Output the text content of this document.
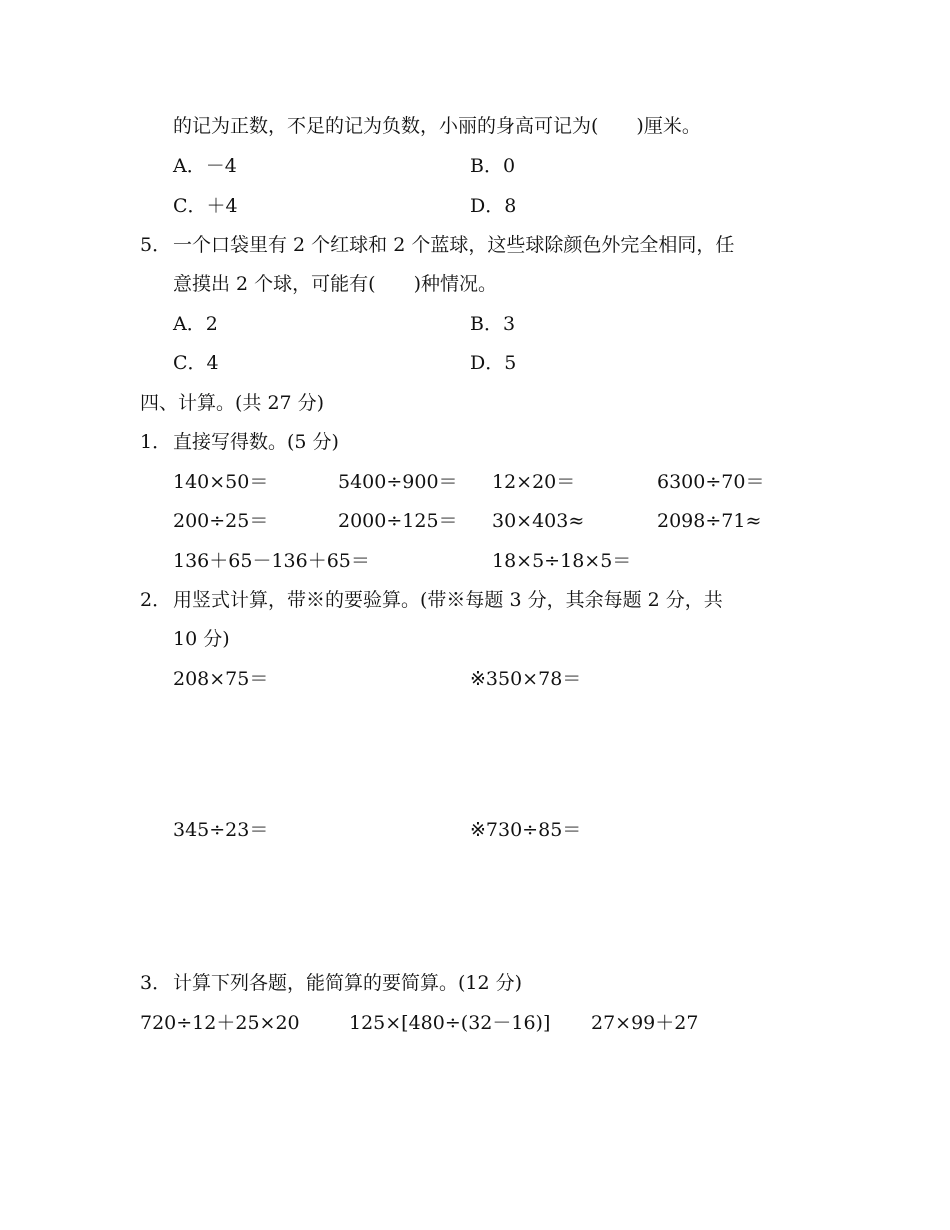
的记为正数，不足的记为负数，小丽的身高可记为(　　)厘米。
A．－4	B．0
C．＋4	D．8
5． 一个口袋里有 2 个红球和 2 个蓝球，这些球除颜色外完全相同，任
意摸出 2 个球，可能有(　　)种情况。
A．2	B．3
C．4	D．5
四、计算。(共 27 分)
1． 直接写得数。(5 分)
140×50＝	5400÷900＝ 12×20＝	6300÷70＝
200÷25＝	2000÷125＝ 30×403≈	2098÷71≈
136＋65－136＋65＝	18×5÷18×5＝
2． 用竖式计算，带※的要验算。(带※每题 3 分，其余每题 2 分，共
10 分)
208×75＝	※350×78＝
345÷23＝	※730÷85＝
3． 计算下列各题，能简算的要简算。(12 分)
720÷12＋25×20	125×[480÷(32－16)] 27×99＋27
